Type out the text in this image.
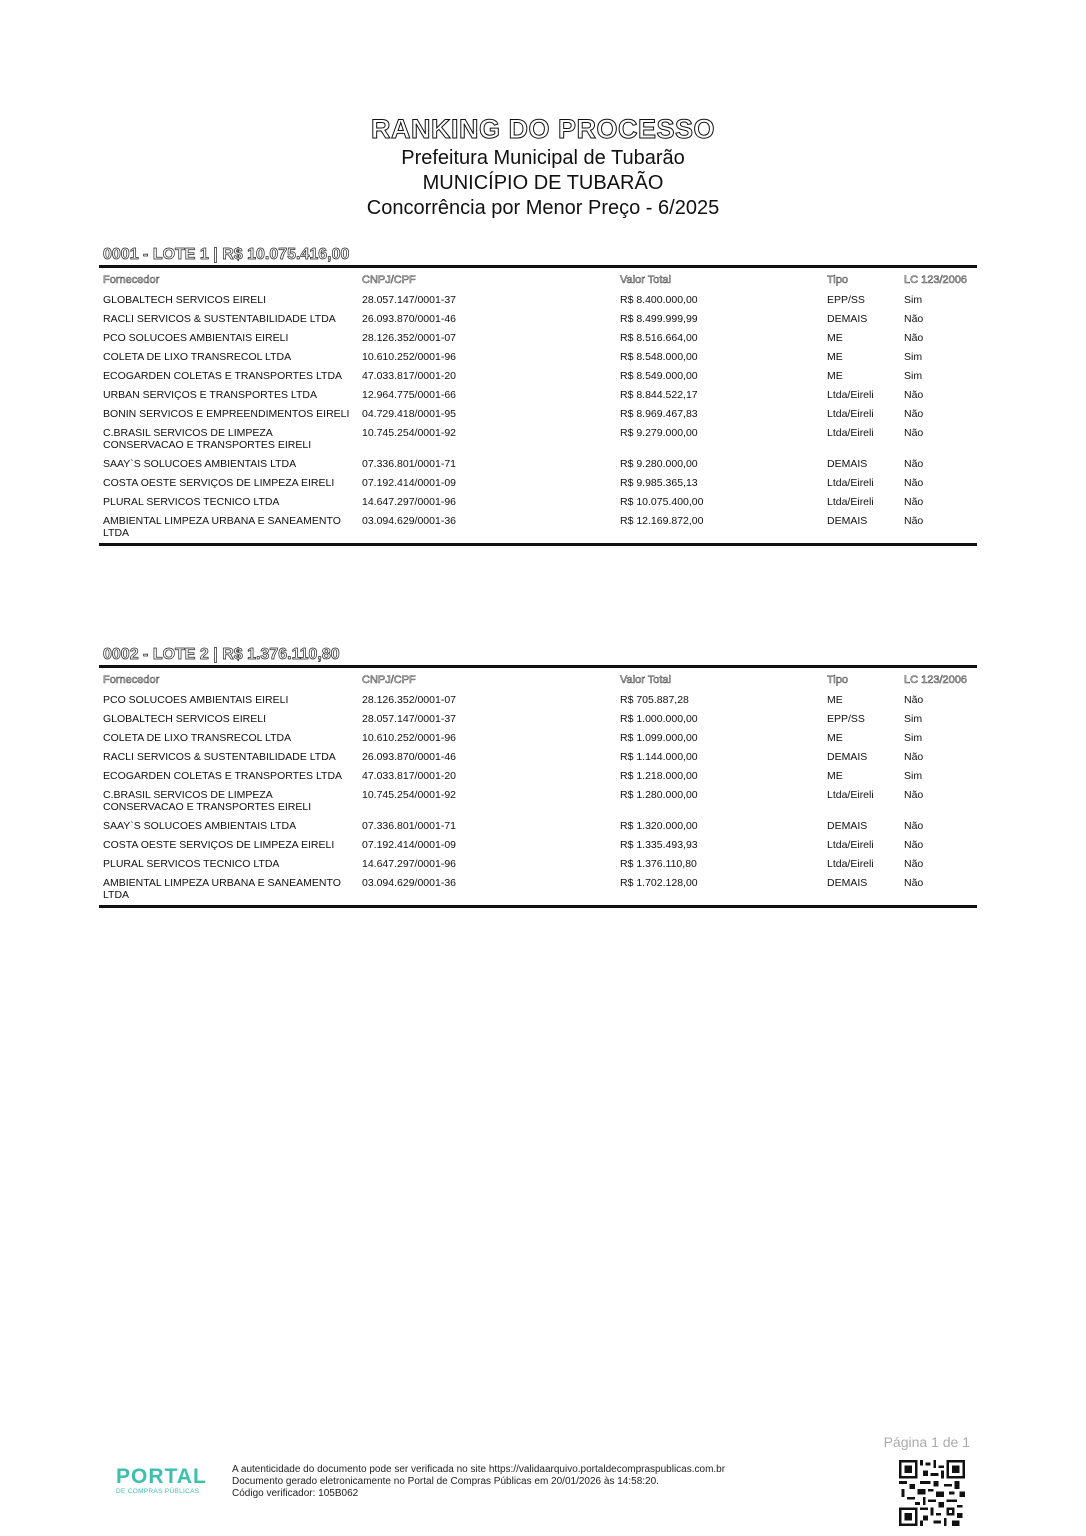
RANKING DO PROCESSO
Prefeitura Municipal de Tubarão
MUNICÍPIO DE TUBARÃO
Concorrência por Menor Preço - 6/2025
0001 - LOTE 1 | R$ 10.075.416,00
Fornecedor	CNPJ/CPF	Valor Total	Tipo	LC 123/2006
GLOBALTECH SERVICOS EIRELI	28.057.147/0001-37	R$ 8.400.000,00	EPP/SS	Sim
RACLI SERVICOS & SUSTENTABILIDADE LTDA	26.093.870/0001-46	R$ 8.499.999,99	DEMAIS	Não
PCO SOLUCOES AMBIENTAIS EIRELI	28.126.352/0001-07	R$ 8.516.664,00	ME	Não
COLETA DE LIXO TRANSRECOL LTDA	10.610.252/0001-96	R$ 8.548.000,00	ME	Sim
ECOGARDEN COLETAS E TRANSPORTES LTDA	47.033.817/0001-20	R$ 8.549.000,00	ME	Sim
URBAN SERVIÇOS E TRANSPORTES LTDA	12.964.775/0001-66	R$ 8.844.522,17	Ltda/Eireli	Não
BONIN SERVICOS E EMPREENDIMENTOS EIRELI	04.729.418/0001-95	R$ 8.969.467,83	Ltda/Eireli	Não
C.BRASIL SERVICOS DE LIMPEZA CONSERVACAO E TRANSPORTES EIRELI	10.745.254/0001-92	R$ 9.279.000,00	Ltda/Eireli	Não
SAAY`S SOLUCOES AMBIENTAIS LTDA	07.336.801/0001-71	R$ 9.280.000,00	DEMAIS	Não
COSTA OESTE SERVIÇOS DE LIMPEZA EIRELI	07.192.414/0001-09	R$ 9.985.365,13	Ltda/Eireli	Não
PLURAL SERVICOS TECNICO LTDA	14.647.297/0001-96	R$ 10.075.400,00	Ltda/Eireli	Não
AMBIENTAL LIMPEZA URBANA E SANEAMENTO LTDA	03.094.629/0001-36	R$ 12.169.872,00	DEMAIS	Não
0002 - LOTE 2 | R$ 1.376.110,80
Fornecedor	CNPJ/CPF	Valor Total	Tipo	LC 123/2006
PCO SOLUCOES AMBIENTAIS EIRELI	28.126.352/0001-07	R$ 705.887,28	ME	Não
GLOBALTECH SERVICOS EIRELI	28.057.147/0001-37	R$ 1.000.000,00	EPP/SS	Sim
COLETA DE LIXO TRANSRECOL LTDA	10.610.252/0001-96	R$ 1.099.000,00	ME	Sim
RACLI SERVICOS & SUSTENTABILIDADE LTDA	26.093.870/0001-46	R$ 1.144.000,00	DEMAIS	Não
ECOGARDEN COLETAS E TRANSPORTES LTDA	47.033.817/0001-20	R$ 1.218.000,00	ME	Sim
C.BRASIL SERVICOS DE LIMPEZA CONSERVACAO E TRANSPORTES EIRELI	10.745.254/0001-92	R$ 1.280.000,00	Ltda/Eireli	Não
SAAY`S SOLUCOES AMBIENTAIS LTDA	07.336.801/0001-71	R$ 1.320.000,00	DEMAIS	Não
COSTA OESTE SERVIÇOS DE LIMPEZA EIRELI	07.192.414/0001-09	R$ 1.335.493,93	Ltda/Eireli	Não
PLURAL SERVICOS TECNICO LTDA	14.647.297/0001-96	R$ 1.376.110,80	Ltda/Eireli	Não
AMBIENTAL LIMPEZA URBANA E SANEAMENTO LTDA	03.094.629/0001-36	R$ 1.702.128,00	DEMAIS	Não
Página 1 de 1
PORTAL
DE COMPRAS PÚBLICAS
A autenticidade do documento pode ser verificada no site https://validaarquivo.portaldecompraspublicas.com.br
Documento gerado eletronicamente no Portal de Compras Públicas em 20/01/2026 às 14:58:20.
Código verificador: 105B062
